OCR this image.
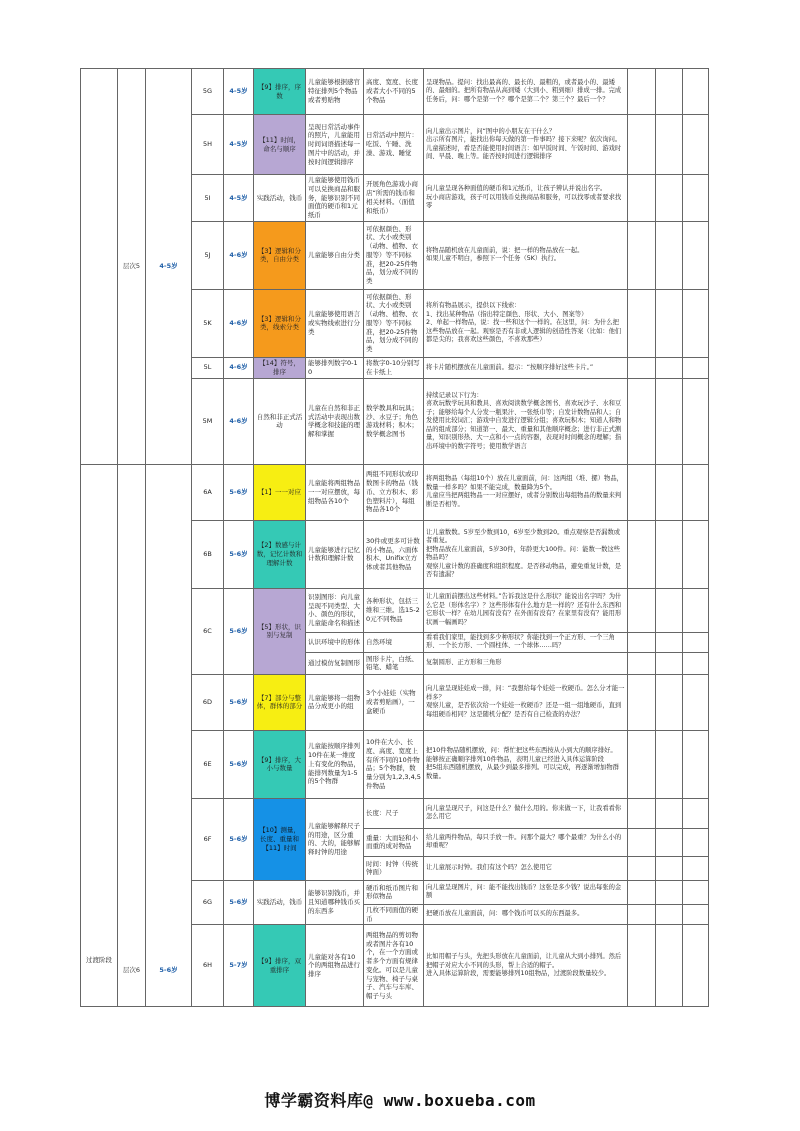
	层次5	4-5岁	5G	4-5岁	【9】排序，序数	儿童能够根据感官特征排列5个物品或者剪贴物	高度、宽度、长度或者大小不同的5个物品	呈现物品。提问：找出最高的、最长的、最粗的，或者最小的、最矮的、最细的。把所有物品从高到矮（大到小、粗到细）排成一排。完成任务后，问：哪个是第一个？哪个是第二个？第三个？最后一个？			
			5H	4-5岁	【11】时间，命名与顺序	呈现日常活动事件的照片，儿童能用时间词语描述每一图片中的活动，并按时间逻辑排序	日常活动中照片：吃饭、午睡、洗澡、游戏、睡觉	向儿童出示图片，问“图中的小朋友在干什么？
出示所有图片，能找出你每天做的第一件事吗？接下来呢？依次询问。
儿童描述时，看是否能使用时间语言：如早饭时间、午饭时间、游戏时间、早晨、晚上等。能否按时间进行逻辑排序			

			5I	4-5岁	实践活动，钱币	儿童能够使用钱币可以兑换商品和服务，能够识别不同面值的硬币和1元纸币	开展角色游戏小商店“所需的钱币和相关材料。（面值和纸币）	向儿童呈现各种面值的硬币和1元纸币，让孩子辨认并说出名字。
玩小商店游戏，孩子可以用钱币兑换商品和服务，可以找零或者要求找零			

			5J	4-6岁	【3】逻辑和分类，自由分类	儿童能够自由分类	可依据颜色、形状、大小或类别（动物、植物、衣服等）等不同标准，把20-25件物品，划分成不同的类	将物品随机放在儿童面前，说：把一样的物品放在一起。
如果儿童不明白，参照下一个任务（5K）执行。			

			5K	4-6岁	【3】逻辑和分类，线索分类	儿童能够使用语言或实物线索进行分类	可依据颜色、形状、大小或类别（动物、植物、衣服等）等不同标准，把20-25件物品，划分成不同的类	将所有物品展示，提供以下线索：
1、找出某种物品（指出特定颜色、形状、大小、图案等）
2、单起一样物品，说：找一些和这个一样的。在这里，问：为什么把这些物品放在一起。观察是否有非或人逻辑的创造性答案（比如：他们都是尖的；我喜欢这些颜色，不喜欢那些）			

			5L	4-6岁	【14】符号，排序	能够排列数字0-10	将数字0-10分别写在卡纸上	将卡片随机摆放在儿童面前。提示：“按顺序排好这些卡片。”			
			5M	4-6岁	自然和非正式活动	儿童在自然和非正式活动中表现出数学概念和技能的理解和掌握	数学教具和玩具；沙、水豆子；角色游戏材料；积木；数学概念图书	持续记录以下行为：
喜欢玩数学玩具和教具、喜欢阅读数学概念图书、喜欢玩沙子、水和豆子；能够给每个人分发一瓶果汁、一张纸巾等；自发计数物品和人；自发使用比较词汇；游戏中自发进行逻辑分组；喜欢玩积木；知道人和物品的组成部分；知道第一、最大、重量和其他顺序概念；进行非正式测量，知识别形热、大一点和小一点的容器，表现对时间概念的理解；指出环境中的数字符号；使用数学语言			

过渡阶段	层次6	5-6岁	6A	5-6岁	【1】一一对应	儿童能将两组物品一一对应摆放，每组物品各10个	两组不同形状或印数图卡的物品（钱币、立方积木、彩色塑料片），每组物品各10个	将两组物品（每组10个）放在儿童面前，问：这两组（堆、摞）物品，数量一样多吗？如果不能完成，数量降为5个。
儿童应当把两组物品一一对应摆好，或者分别数出每组物品的数量来判断是否相等。			

			6B	5-6岁	【2】数感与计数，记忆计数和理解计数	儿童能够进行记忆计数和理解计数	30件或更多可计数的小物品，六面体积木、Unifix立方体或者其他物品	让儿童数数。5岁至少数到10，6岁至少数到20。重点观察是否漏数或者重复。
把物品放在儿童面前，5岁30件，年龄更大100件。问：能数一数这些物品吗？
观察儿童计数的准确度和组织程度。是否移动物品，避免重复计数，是否有遗漏？			

			6C	5-6岁	【5】形状，识别与复制	识别图形：向儿童呈现不同类型、大小、颜色的形状，儿童能命名和描述	各种形状，包括三维和三维。选15-20元不同物品	让儿童面前摆出这些材料。”告诉我这是什么形状？能说出名字吗？为什么它是（形体名字）？这些形体有什么地方是一样的？还有什么东西和它形状一样？在幼儿园有没有？在外面有没有？在家里有没有？能用形状画一幅画吗？			
						认识环境中的形体	自然环境	看看我们家里，能找到多少种形状？你能找到一个正方形、一个三角形、一个长方形、一个圆柱体、一个球体……吗？			
						通过模仿复制图形	图形卡片，白纸、铅笔、蜡笔	复制圆形、正方形和三角形			
			6D	5-6岁	【7】部分与整体，群体的部分	儿童能够将一组物品分成更小的组	3个小娃娃（实物或者剪贴画），一盒硬币	向儿童呈现娃娃成一排，问：“我想给每个娃娃一枚硬币。怎么分才能一样多？
观察儿童，是否依次给一个娃娃一枚硬币？还是一组一组地硬币，直到每组硬币相同？这是随机分配？是否有自己检查的办法？			

			6E	5-6岁	【9】排序，大小与数量	儿童能按顺序排列10件在某一维度上有变化的物品，能排列数量为1-5的5个物群	10件在大小、长度、高度、宽度上有所不同的10件物品；5个物群，数量分别为1,2,3,4,5件物品	把10件物品随机摆放，问：帮忙把这些东西按从小到大的顺序排好。
能够按正确顺序排列10件物品，表明儿童已经进入具体运算阶段
把5组东西随机摆放，从最少到最多排列。可以完成，再逐渐增加物群数量。			

			6F	5-6岁	【10】测量，长度、重量和【11】时间	儿童能够解释尺子的用途，区分重的、大的，能够解释时钟的用途	长度：尺子	向儿童呈现尺子，问这是什么？做什么用的。你来做一下，让我看看你怎么用它			
							重量：大而轻和小而重的成对物品	给儿童两件物品，每只手放一件。问那个最大？哪个最重？为什么小的却重呢？			
							时间：时钟（传统钟面）	让儿童展示时钟。我们有这个吗？怎么使用它			
			6G	5-6岁	实践活动，钱币	能够识别钱币，并且知道哪种钱币买的东西多	硬币和纸币图片和形似物品	向儿童呈现图片，问：能不能找出钱币？这张是多少钱？说出每张的金额			
							几枚不同面值的硬币	把硬币放在儿童面前，问：哪个钱币可以买的东西最多。			
			6H	5-7岁	【9】排序，双重排序	儿童能对各有10个的两组物品进行排序	两组物品的剪切物或者图片各有10个，在一个方面或者多个方面有规律变化。可以是儿童与宠物、椅子与桌子、汽车与车库、帽子与头	比如用帽子与头，先把头形放在儿童面前，让儿童从大到小排列。然后把帽子对应大小不同的头形，帮上合适的帽子。
进入具体运算阶段，需要能够排列10组物品，过渡阶段数量较少。			

博学霸资料库@ www.boxueba.com
